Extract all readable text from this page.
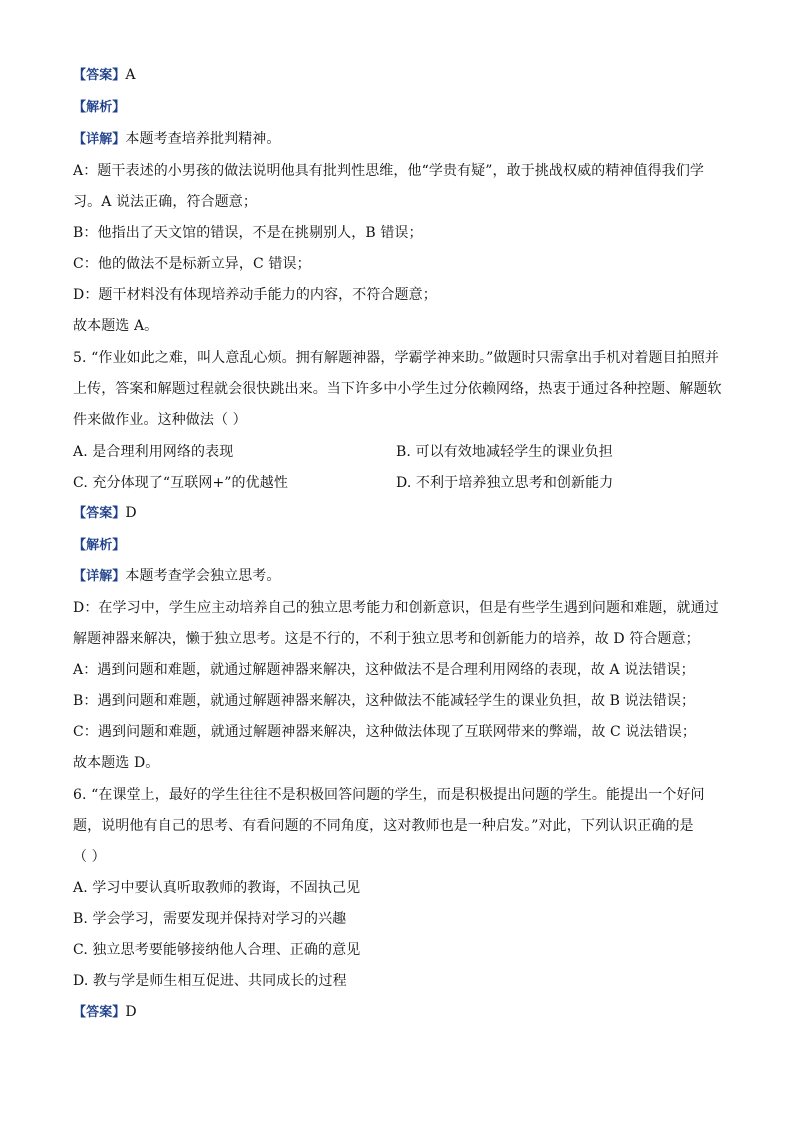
【答案】A
【解析】
【详解】本题考查培养批判精神。
A：题干表述的小男孩的做法说明他具有批判性思维，他“学贵有疑”，敢于挑战权威的精神值得我们学
习。A 说法正确，符合题意；
B：他指出了天文馆的错误，不是在挑剔别人，B 错误；
C：他的做法不是标新立异，C 错误；
D：题干材料没有体现培养动手能力的内容，不符合题意；
故本题选 A。
5. “作业如此之难，叫人意乱心烦。拥有解题神器，学霸学神来助。”做题时只需拿出手机对着题目拍照并
上传，答案和解题过程就会很快跳出来。当下许多中小学生过分依赖网络，热衷于通过各种控题、解题软
件来做作业。这种做法（ ）
A. 是合理利用网络的表现	B. 可以有效地减轻学生的课业负担
C. 充分体现了“互联网+”的优越性	D. 不利于培养独立思考和创新能力
【答案】D
【解析】
【详解】本题考查学会独立思考。
D：在学习中，学生应主动培养自己的独立思考能力和创新意识，但是有些学生遇到问题和难题，就通过
解题神器来解决，懒于独立思考。这是不行的，不利于独立思考和创新能力的培养，故 D 符合题意；
A：遇到问题和难题，就通过解题神器来解决，这种做法不是合理利用网络的表现，故 A 说法错误；
B：遇到问题和难题，就通过解题神器来解决，这种做法不能减轻学生的课业负担，故 B 说法错误；
C：遇到问题和难题，就通过解题神器来解决，这种做法体现了互联网带来的弊端，故 C 说法错误；
故本题选 D。
6. “在课堂上，最好的学生往往不是积极回答问题的学生，而是积极提出问题的学生。能提出一个好问
题，说明他有自己的思考、有看问题的不同角度，这对教师也是一种启发。”对此，下列认识正确的是
（ ）
A. 学习中要认真听取教师的教诲，不固执己见
B. 学会学习，需要发现并保持对学习的兴趣
C. 独立思考要能够接纳他人合理、正确的意见
D. 教与学是师生相互促进、共同成长的过程
【答案】D
